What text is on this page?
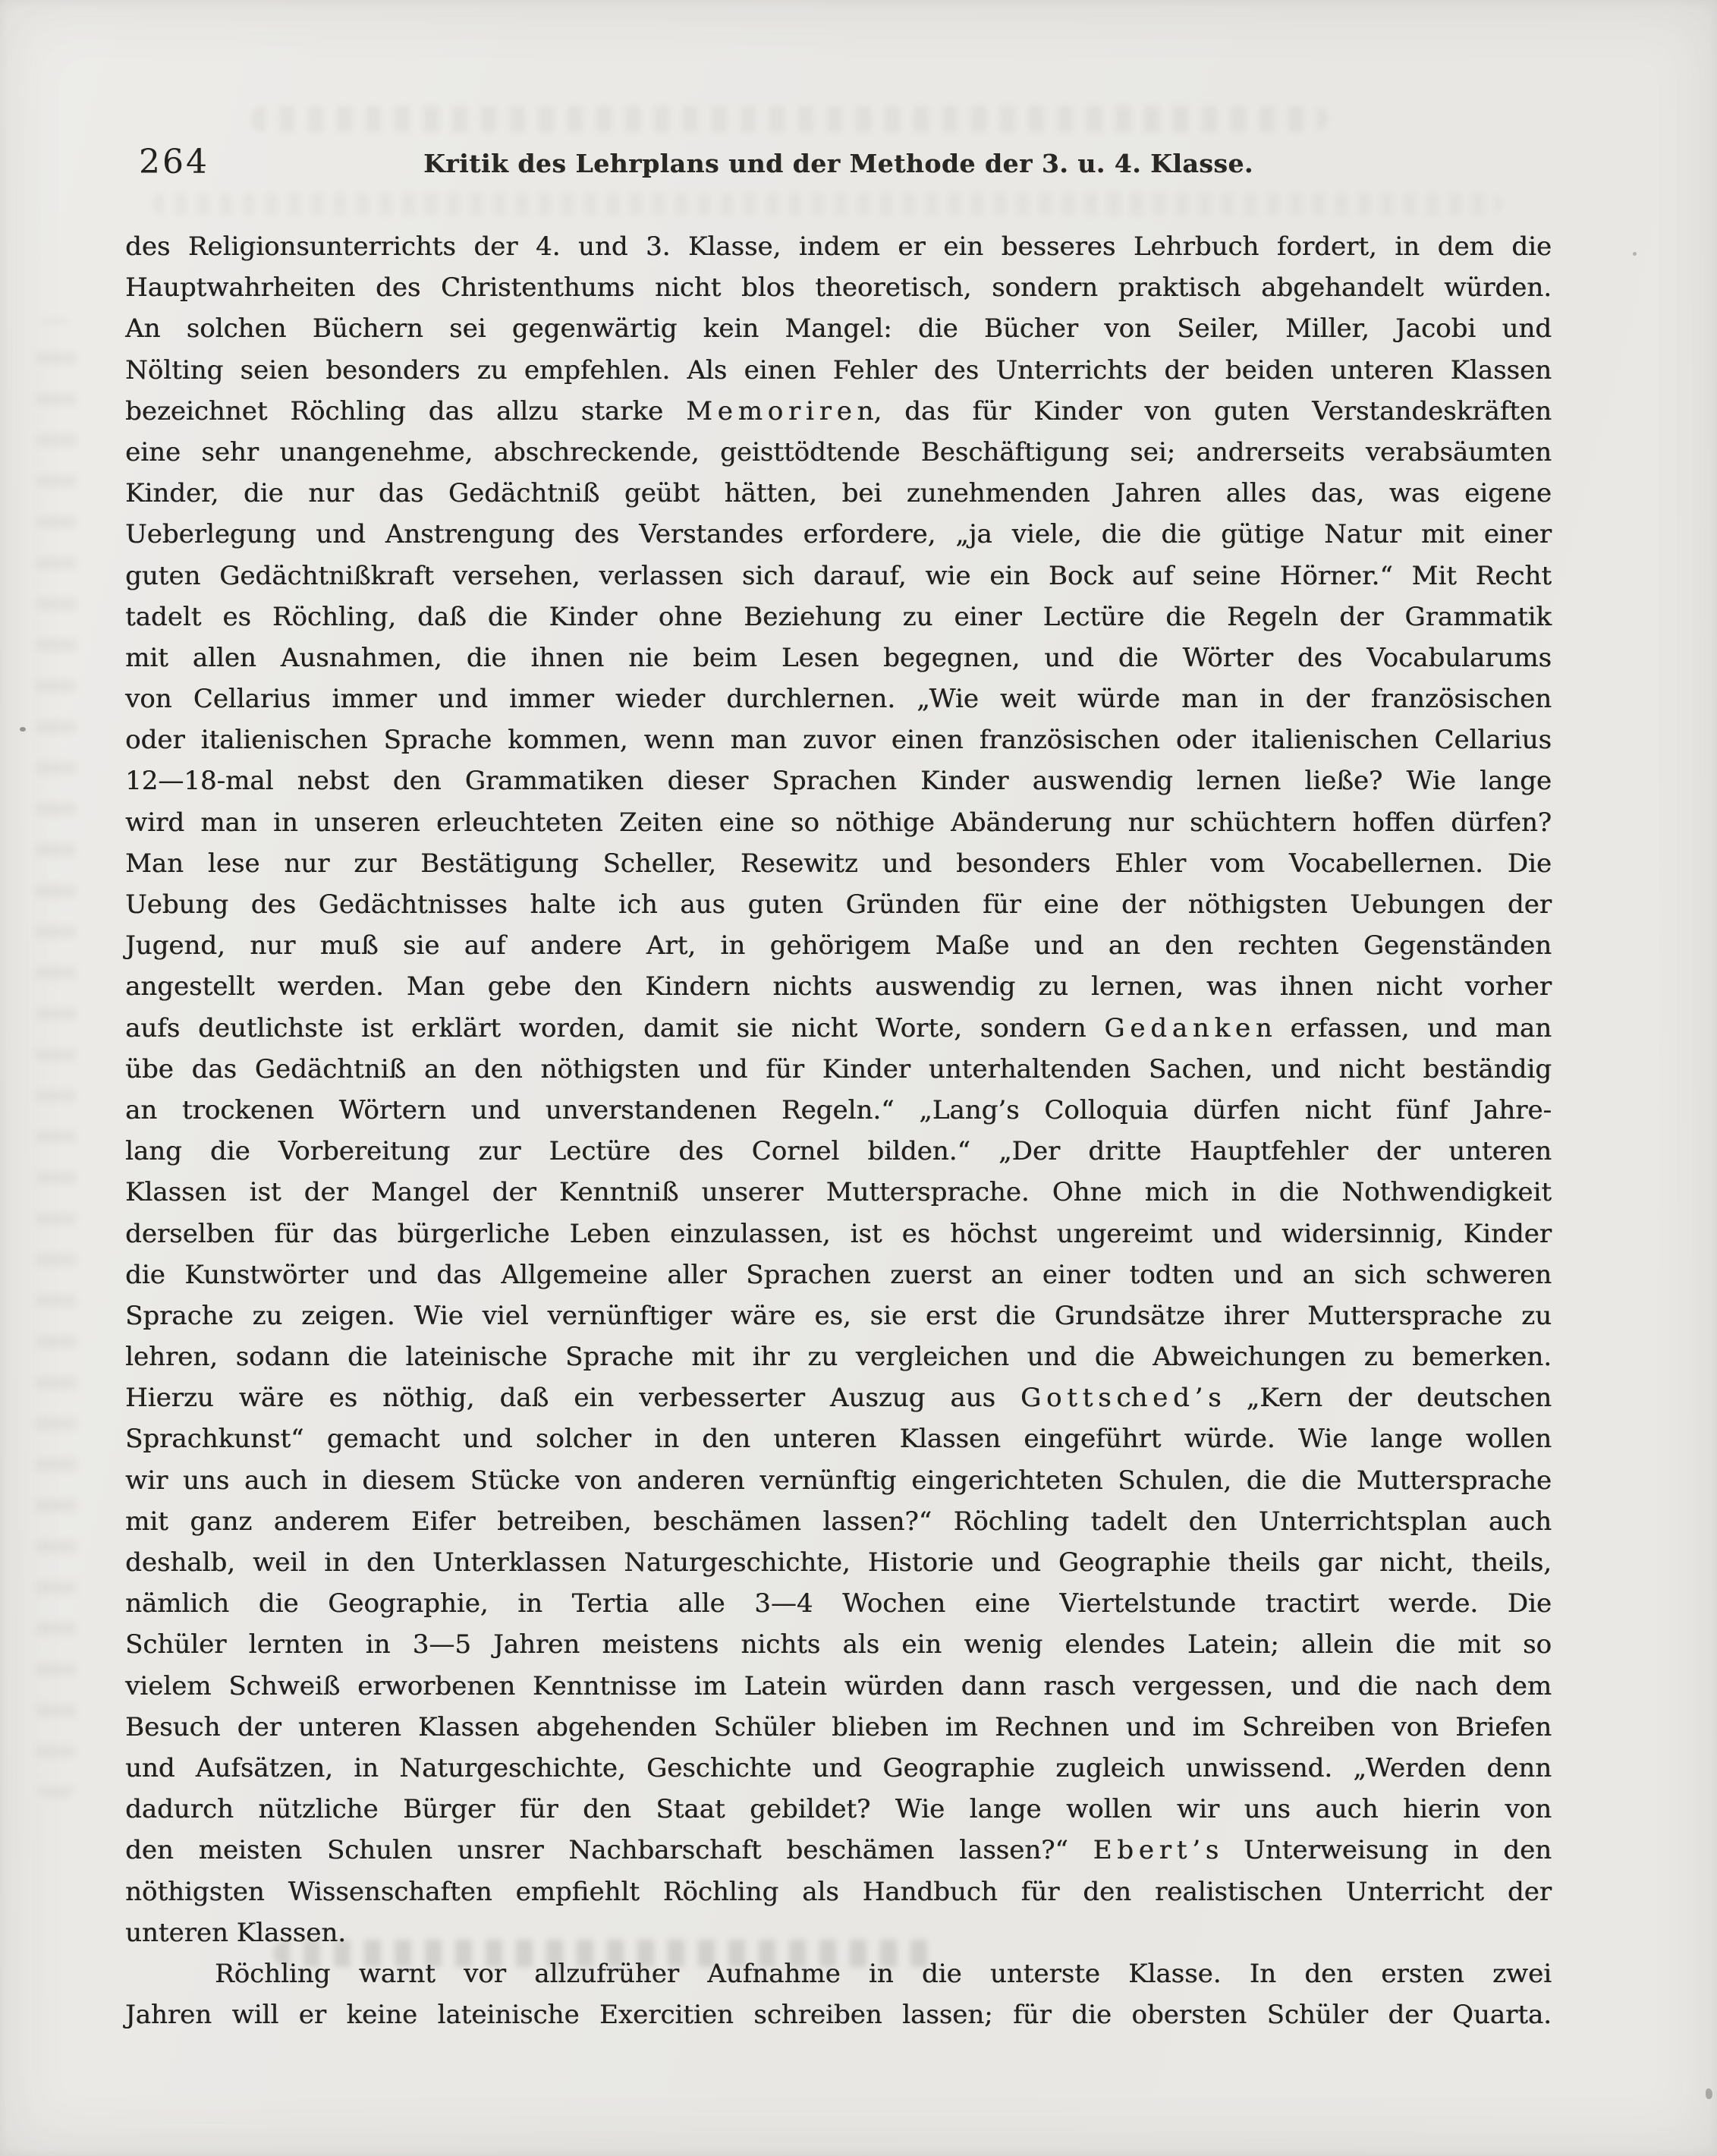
264	Kritik des Lehrplans und der Methode der 3. u. 4. Klasse.
des Religionsunterrichts der 4. und 3. Klasse, indem er ein besseres Lehrbuch fordert, in dem die
Hauptwahrheiten des Christenthums nicht blos theoretisch, sondern praktisch abgehandelt würden.
An solchen Büchern sei gegenwärtig kein Mangel: die Bücher von Seiler, Miller, Jacobi und
Nölting seien besonders zu empfehlen. Als einen Fehler des Unterrichts der beiden unteren Klassen
bezeichnet Röchling das allzu starke M e m o r i r e n, das für Kinder von guten Verstandeskräften
eine sehr unangenehme, abschreckende, geisttödtende Beschäftigung sei; andrerseits verabsäumten
Kinder, die nur das Gedächtniß geübt hätten, bei zunehmenden Jahren alles das, was eigene
Ueberlegung und Anstrengung des Verstandes erfordere, „ja viele, die die gütige Natur mit einer
guten Gedächtnißkraft versehen, verlassen sich darauf, wie ein Bock auf seine Hörner.“ Mit Recht
tadelt es Röchling, daß die Kinder ohne Beziehung zu einer Lectüre die Regeln der Grammatik
mit allen Ausnahmen, die ihnen nie beim Lesen begegnen, und die Wörter des Vocabularums
von Cellarius immer und immer wieder durchlernen. „Wie weit würde man in der französischen
oder italienischen Sprache kommen, wenn man zuvor einen französischen oder italienischen Cellarius
12—18-mal nebst den Grammatiken dieser Sprachen Kinder auswendig lernen ließe? Wie lange
wird man in unseren erleuchteten Zeiten eine so nöthige Abänderung nur schüchtern hoffen dürfen?
Man lese nur zur Bestätigung Scheller, Resewitz und besonders Ehler vom Vocabellernen. Die
Uebung des Gedächtnisses halte ich aus guten Gründen für eine der nöthigsten Uebungen der
Jugend, nur muß sie auf andere Art, in gehörigem Maße und an den rechten Gegenständen
angestellt werden. Man gebe den Kindern nichts auswendig zu lernen, was ihnen nicht vorher
aufs deutlichste ist erklärt worden, damit sie nicht Worte, sondern G e d a n k e n erfassen, und man
übe das Gedächtniß an den nöthigsten und für Kinder unterhaltenden Sachen, und nicht beständig
an trockenen Wörtern und unverstandenen Regeln.“ „Lang’s Colloquia dürfen nicht fünf Jahre-
lang die Vorbereitung zur Lectüre des Cornel bilden.“ „Der dritte Hauptfehler der unteren
Klassen ist der Mangel der Kenntniß unserer Muttersprache. Ohne mich in die Nothwendigkeit
derselben für das bürgerliche Leben einzulassen, ist es höchst ungereimt und widersinnig, Kinder
die Kunstwörter und das Allgemeine aller Sprachen zuerst an einer todten und an sich schweren
Sprache zu zeigen. Wie viel vernünftiger wäre es, sie erst die Grundsätze ihrer Muttersprache zu
lehren, sodann die lateinische Sprache mit ihr zu vergleichen und die Abweichungen zu bemerken.
Hierzu wäre es nöthig, daß ein verbesserter Auszug aus G o t t s ch e d ’ s „Kern der deutschen
Sprachkunst“ gemacht und solcher in den unteren Klassen eingeführt würde. Wie lange wollen
wir uns auch in diesem Stücke von anderen vernünftig eingerichteten Schulen, die die Muttersprache
mit ganz anderem Eifer betreiben, beschämen lassen?“ Röchling tadelt den Unterrichtsplan auch
deshalb, weil in den Unterklassen Naturgeschichte, Historie und Geographie theils gar nicht, theils,
nämlich die Geographie, in Tertia alle 3—4 Wochen eine Viertelstunde tractirt werde. Die
Schüler lernten in 3—5 Jahren meistens nichts als ein wenig elendes Latein; allein die mit so
vielem Schweiß erworbenen Kenntnisse im Latein würden dann rasch vergessen, und die nach dem
Besuch der unteren Klassen abgehenden Schüler blieben im Rechnen und im Schreiben von Briefen
und Aufsätzen, in Naturgeschichte, Geschichte und Geographie zugleich unwissend. „Werden denn
dadurch nützliche Bürger für den Staat gebildet? Wie lange wollen wir uns auch hierin von
den meisten Schulen unsrer Nachbarschaft beschämen lassen?“ E b e r t ’ s Unterweisung in den
nöthigsten Wissenschaften empfiehlt Röchling als Handbuch für den realistischen Unterricht der
unteren Klassen.
Röchling warnt vor allzufrüher Aufnahme in die unterste Klasse. In den ersten zwei
Jahren will er keine lateinische Exercitien schreiben lassen; für die obersten Schüler der Quarta.
